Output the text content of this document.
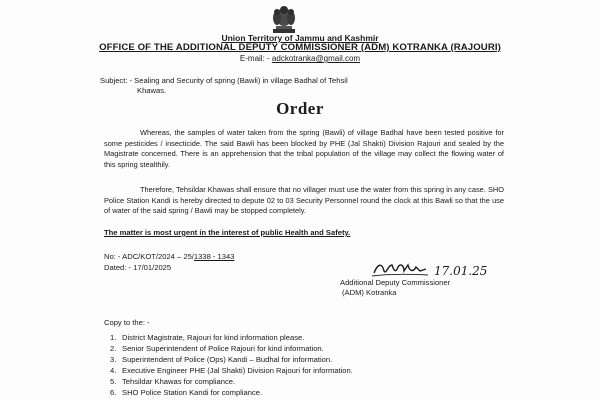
Union Territory of Jammu and Kashmir
OFFICE OF THE ADDITIONAL DEPUTY COMMISSIONER (ADM) KOTRANKA (RAJOURI)
E-mail: - adckotranka@gmail.com
Subject: - Sealing and Security of spring (Bawli) in village Badhal of Tehsil
Khawas.
Order
Whereas, the samples of water taken from the spring (Bawli) of village Badhal have been tested positive for some pesticides / insecticide. The said Bawli has been blocked by PHE (Jal Shakti) Division Rajouri and sealed by the Magistrate concerned. There is an apprehension that the tribal population of the village may collect the flowing water of this spring stealthily.
Therefore, Tehsildar Khawas shall ensure that no villager must use the water from this spring in any case. SHO Police Station Kandi is hereby directed to depute 02 to 03 Security Personnel round the clock at this Bawli so that the use of water of the said spring / Bawli may be stopped completely.
The matter is most urgent in the interest of public Health and Safety.
No: - ADC/KOT/2024 – 25/1338 - 1343
Dated: - 17/01/2025	17.01.25
Additional Deputy Commissioner
(ADM) Kotranka
Copy to the: -
1. District Magistrate, Rajouri for kind information please.
2. Senior Superintendent of Police Rajouri for kind information.
3. Superintendent of Police (Ops) Kandi – Budhal for information.
4. Executive Engineer PHE (Jal Shakti) Division Rajouri for information.
5. Tehsildar Khawas for compliance.
6. SHO Police Station Kandi for compliance.
